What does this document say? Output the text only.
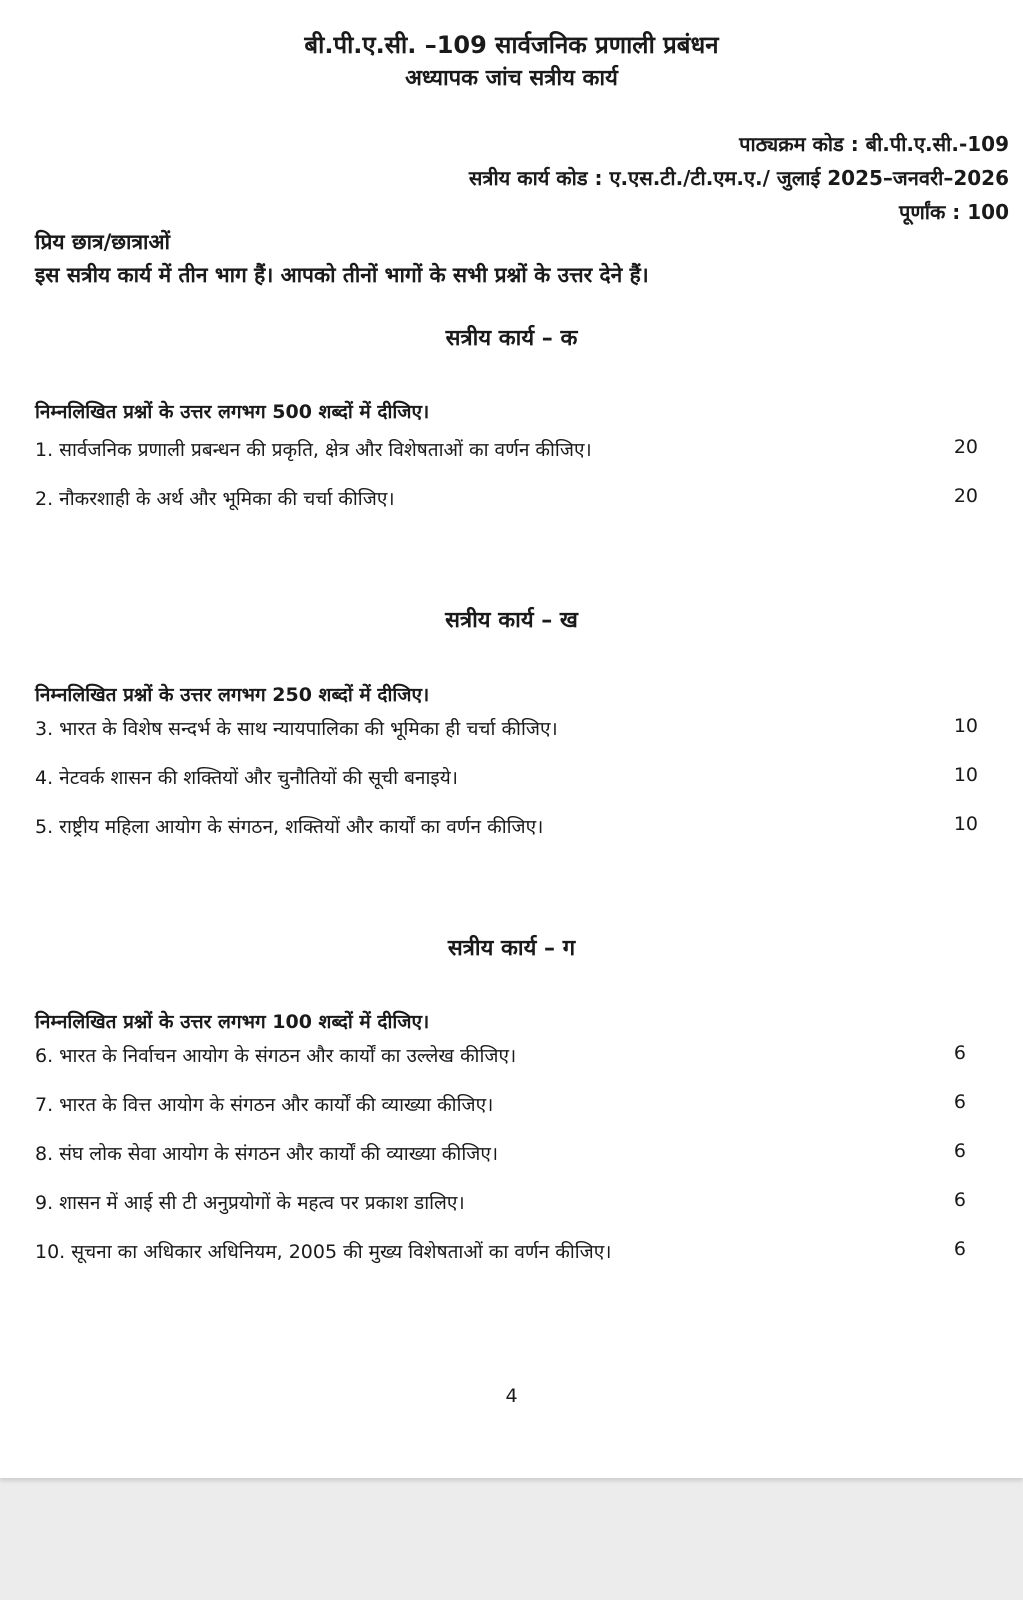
बी.पी.ए.सी. –109 सार्वजनिक प्रणाली प्रबंधन
अध्यापक जांच सत्रीय कार्य
पाठ्यक्रम कोड : बी.पी.ए.सी.-109
सत्रीय कार्य कोड : ए.एस.टी./टी.एम.ए./ जुलाई 2025–जनवरी–2026
पूर्णांक : 100
प्रिय छात्र/छात्राओं
इस सत्रीय कार्य में तीन भाग हैं। आपको तीनों भागों के सभी प्रश्नों के उत्तर देने हैं।
सत्रीय कार्य – क
निम्नलिखित प्रश्नों के उत्तर लगभग 500 शब्दों में दीजिए।
1. सार्वजनिक प्रणाली प्रबन्धन की प्रकृति, क्षेत्र और विशेषताओं का वर्णन कीजिए।	20
2. नौकरशाही के अर्थ और भूमिका की चर्चा कीजिए।	20
सत्रीय कार्य – ख
निम्नलिखित प्रश्नों के उत्तर लगभग 250 शब्दों में दीजिए।
3. भारत के विशेष सन्दर्भ के साथ न्यायपालिका की भूमिका ही चर्चा कीजिए।	10
4. नेटवर्क शासन की शक्तियों और चुनौतियों की सूची बनाइये।	10
5. राष्ट्रीय महिला आयोग के संगठन, शक्तियों और कार्यों का वर्णन कीजिए।	10
सत्रीय कार्य – ग
निम्नलिखित प्रश्नों के उत्तर लगभग 100 शब्दों में दीजिए।
6. भारत के निर्वाचन आयोग के संगठन और कार्यों का उल्लेख कीजिए।	6
7. भारत के वित्त आयोग के संगठन और कार्यों की व्याख्या कीजिए।	6
8. संघ लोक सेवा आयोग के संगठन और कार्यों की व्याख्या कीजिए।	6
9. शासन में आई सी टी अनुप्रयोगों के महत्व पर प्रकाश डालिए।	6
10. सूचना का अधिकार अधिनियम, 2005 की मुख्य विशेषताओं का वर्णन कीजिए।	6
4
